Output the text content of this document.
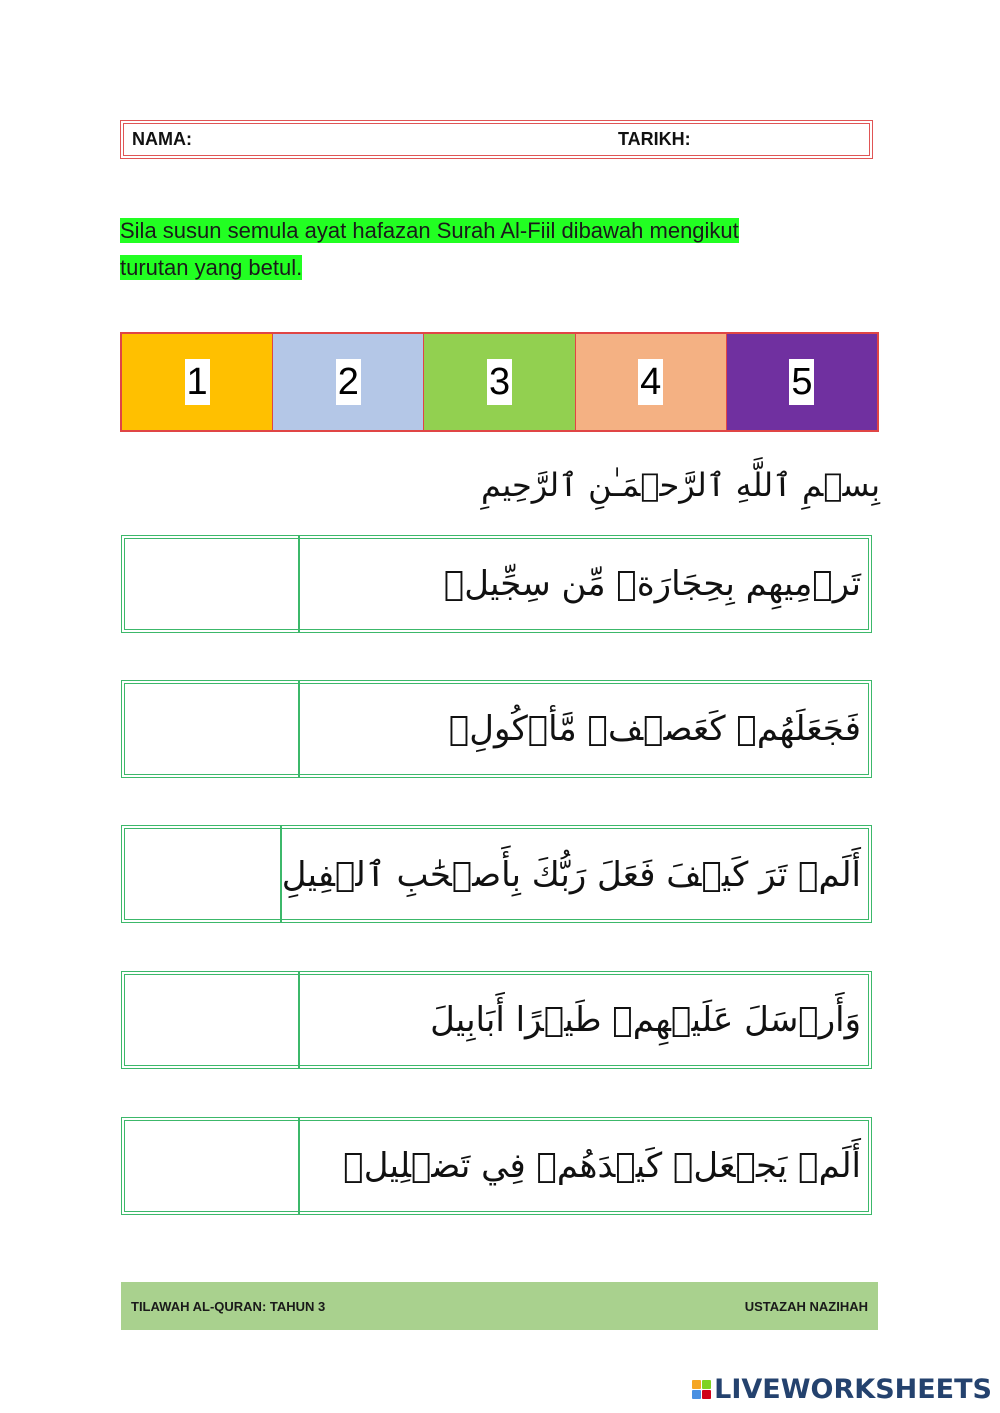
NAMA:	TARIKH:
Sila susun semula ayat hafazan Surah Al-Fiil dibawah mengikut
turutan yang betul.
1	2	3	4	5
بِسۡمِ ٱللَّهِ ٱلرَّحۡمَـٰنِ ٱلرَّحِيمِ
تَرۡمِيهِم بِحِجَارَةٖ مِّن سِجِّيلٖ
فَجَعَلَهُمۡ كَعَصۡفٖ مَّأۡكُولِۭ
أَلَمۡ تَرَ كَيۡفَ فَعَلَ رَبُّكَ بِأَصۡحَٰبِ ٱلۡفِيلِ
وَأَرۡسَلَ عَلَيۡهِمۡ طَيۡرًا أَبَابِيلَ
أَلَمۡ يَجۡعَلۡ كَيۡدَهُمۡ فِي تَضۡلِيلٖ
TILAWAH AL-QURAN: TAHUN 3	USTAZAH NAZIHAH
LIVEWORKSHEETS
